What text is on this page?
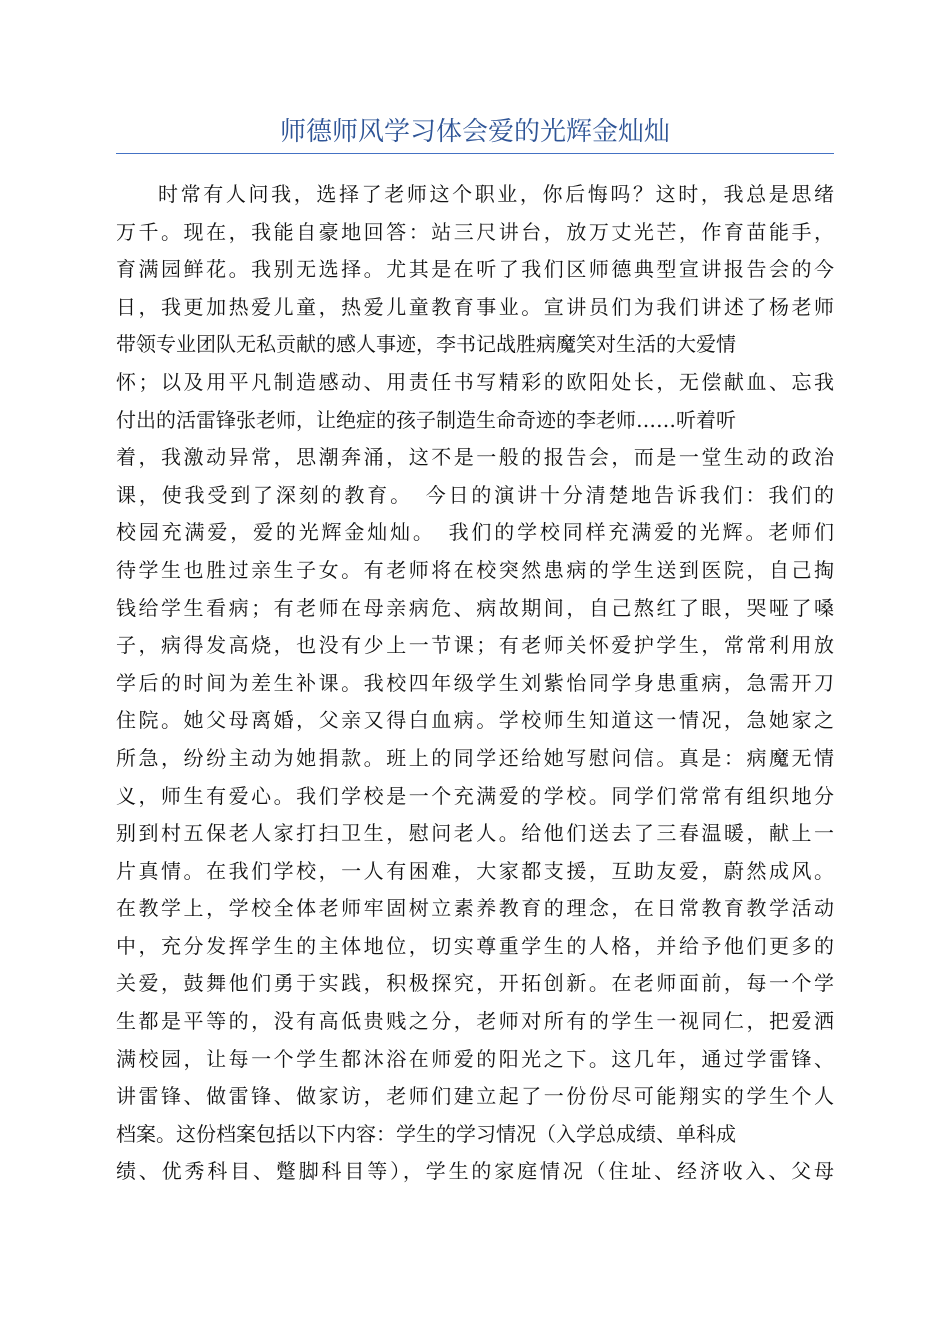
师德师风学习体会爱的光辉金灿灿
时常有人问我，选择了老师这个职业，你后悔吗？这时，我总是思绪
万千。现在，我能自豪地回答：站三尺讲台，放万丈光芒，作育苗能手，
育满园鲜花。我别无选择。尤其是在听了我们区师德典型宣讲报告会的今
日，我更加热爱儿童，热爱儿童教育事业。宣讲员们为我们讲述了杨老师
带领专业团队无私贡献的感人事迹，李书记战胜病魔笑对生活的大爱情
怀；以及用平凡制造感动、用责任书写精彩的欧阳处长，无偿献血、忘我
付出的活雷锋张老师，让绝症的孩子制造生命奇迹的李老师……听着听
着，我激动异常，思潮奔涌，这不是一般的报告会，而是一堂生动的政治
课，使我受到了深刻的教育。　今日的演讲十分清楚地告诉我们：我们的
校园充满爱，爱的光辉金灿灿。　我们的学校同样充满爱的光辉。老师们
待学生也胜过亲生子女。有老师将在校突然患病的学生送到医院，自己掏
钱给学生看病；有老师在母亲病危、病故期间，自己熬红了眼，哭哑了嗓
子，病得发高烧，也没有少上一节课；有老师关怀爱护学生，常常利用放
学后的时间为差生补课。我校四年级学生刘紫怡同学身患重病，急需开刀
住院。她父母离婚，父亲又得白血病。学校师生知道这一情况，急她家之
所急，纷纷主动为她捐款。班上的同学还给她写慰问信。真是：病魔无情
义，师生有爱心。我们学校是一个充满爱的学校。同学们常常有组织地分
别到村五保老人家打扫卫生，慰问老人。给他们送去了三春温暖，献上一
片真情。在我们学校，一人有困难，大家都支援，互助友爱，蔚然成风。
在教学上，学校全体老师牢固树立素养教育的理念，在日常教育教学活动
中，充分发挥学生的主体地位，切实尊重学生的人格，并给予他们更多的
关爱，鼓舞他们勇于实践，积极探究，开拓创新。在老师面前，每一个学
生都是平等的，没有高低贵贱之分，老师对所有的学生一视同仁，把爱洒
满校园，让每一个学生都沐浴在师爱的阳光之下。这几年，通过学雷锋、
讲雷锋、做雷锋、做家访，老师们建立起了一份份尽可能翔实的学生个人
档案。这份档案包括以下内容：学生的学习情况（入学总成绩、单科成
绩、优秀科目、蹩脚科目等），学生的家庭情况（住址、经济收入、父母
